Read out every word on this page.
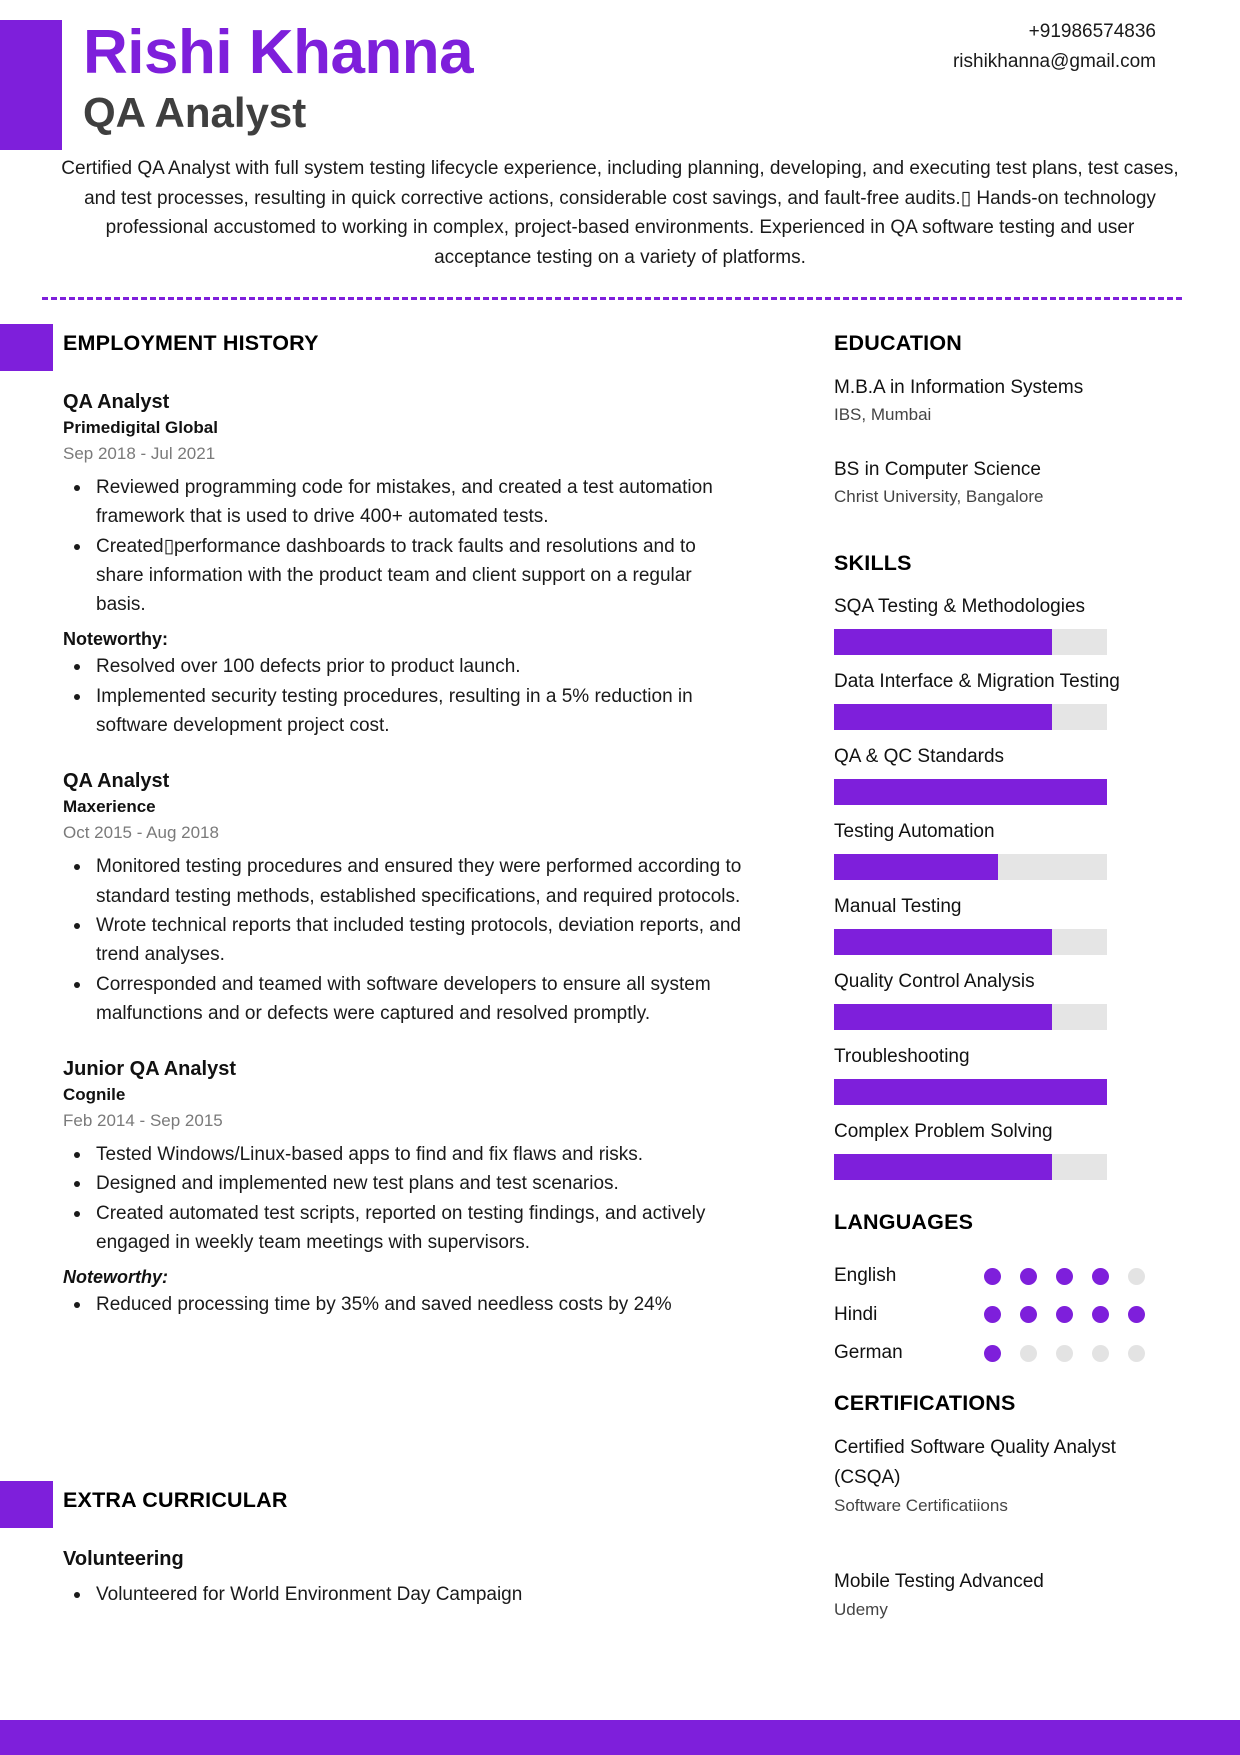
Rishi Khanna
QA Analyst
+91986574836
rishikhanna@gmail.com
Certified QA Analyst with full system testing lifecycle experience, including planning, developing, and executing test plans, test cases, and test processes, resulting in quick corrective actions, considerable cost savings, and fault-free audits.▯ Hands-on technology professional accustomed to working in complex, project-based environments. Experienced in QA software testing and user acceptance testing on a variety of platforms.
EMPLOYMENT HISTORY
QA Analyst
Primedigital Global
Sep 2018 - Jul 2021
Reviewed programming code for mistakes, and created a test automation framework that is used to drive 400+ automated tests.
Created▯performance dashboards to track faults and resolutions and to share information with the product team and client support on a regular basis.
Noteworthy:
Resolved over 100 defects prior to product launch.
Implemented security testing procedures, resulting in a 5% reduction in software development project cost.
QA Analyst
Maxerience
Oct 2015 - Aug 2018
Monitored testing procedures and ensured they were performed according to standard testing methods, established specifications, and required protocols.
Wrote technical reports that included testing protocols, deviation reports, and trend analyses.
Corresponded and teamed with software developers to ensure all system malfunctions and or defects were captured and resolved promptly.
Junior QA Analyst
Cognile
Feb 2014 - Sep 2015
Tested Windows/Linux-based apps to find and fix flaws and risks.
Designed and implemented new test plans and test scenarios.
Created automated test scripts, reported on testing findings, and actively engaged in weekly team meetings with supervisors.
Noteworthy:
Reduced processing time by 35% and saved needless costs by 24%
EXTRA CURRICULAR
Volunteering
Volunteered for World Environment Day Campaign
EDUCATION
M.B.A in Information Systems
IBS, Mumbai
BS in Computer Science
Christ University, Bangalore
SKILLS
SQA Testing & Methodologies
Data Interface & Migration Testing
QA & QC Standards
Testing Automation
Manual Testing
Quality Control Analysis
Troubleshooting
Complex Problem Solving
LANGUAGES
English
Hindi
German
CERTIFICATIONS
Certified Software Quality Analyst (CSQA)
Software Certificatiions
Mobile Testing Advanced
Udemy
